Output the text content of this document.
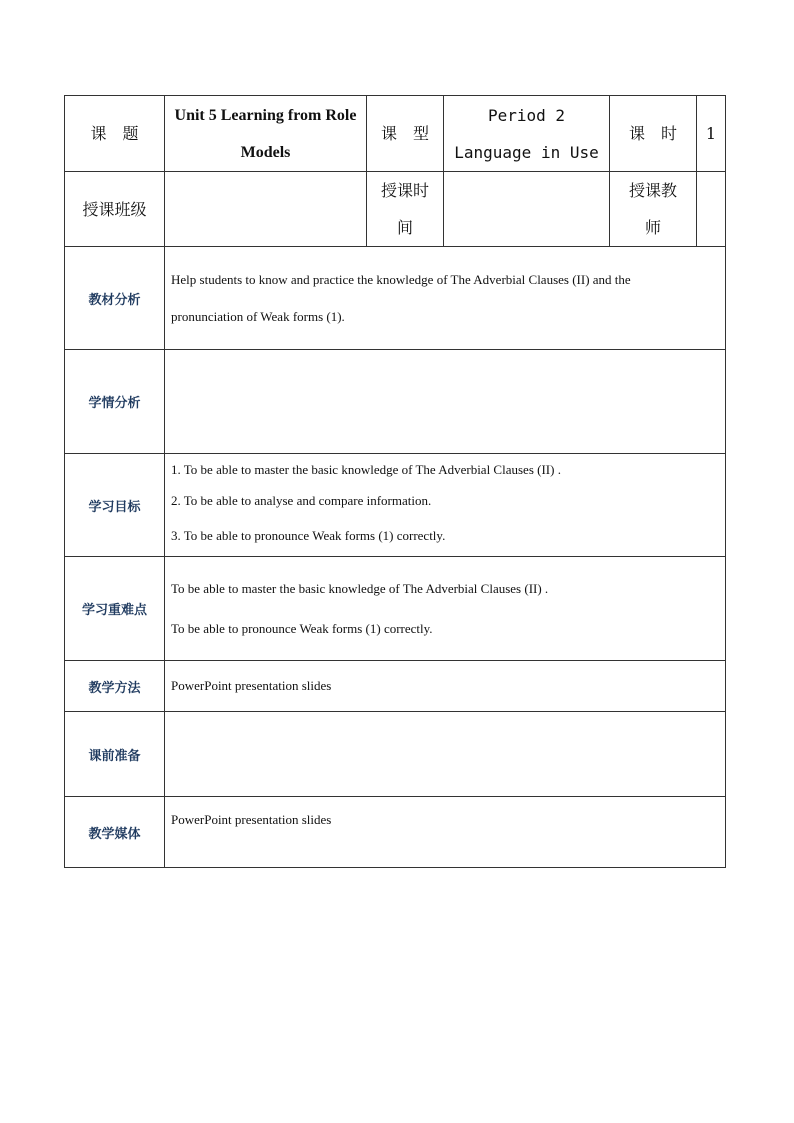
课　题	Unit 5 Learning from Role Models	课　型	Period 2 Language in Use	课　时	1
授课班级		授课时间		授课教师	
教材分析	Help students to know and practice the knowledge of The Adverbial Clauses (II) and the
pronunciation of Weak forms (1).				

学情分析					
学习目标	1. To be able to master the basic knowledge of The Adverbial Clauses (II) .
2. To be able to analyse and compare information.
3. To be able to pronounce Weak forms (1) correctly.				

学习重难点	To be able to master the basic knowledge of The Adverbial Clauses (II) .
To be able to pronounce Weak forms (1) correctly.				

教学方法	PowerPoint presentation slides				
课前准备					
教学媒体	PowerPoint presentation slides				
